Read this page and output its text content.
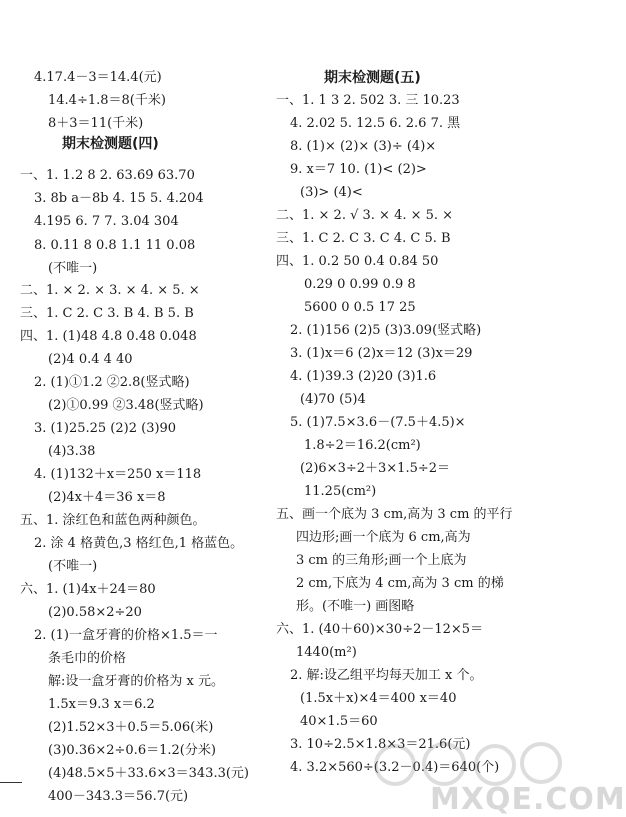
4.17.4－3＝14.4(元)
14.4÷1.8＝8(千米)
8＋3＝11(千米)
期末检测题(四)
一、1. 1.2 8 2. 63.6̇9̇ 63.70
3. 8b a－8b 4. 15 5. 4.204
4.195 6. 7 7. 3.04 304
8. 0.11 8 0.8 1.1 11 0.08
(不唯一)
二、1. × 2. × 3. × 4. × 5. ×
三、1. C 2. C 3. B 4. B 5. B
四、1. (1)48 4.8 0.48 0.048
(2)4 0.4 4 40
2. (1)①1.2 ②2.8(竖式略)
(2)①0.99 ②3.48(竖式略)
3. (1)25.25 (2)2 (3)90
(4)3.38
4. (1)132＋x＝250 x＝118
(2)4x＋4＝36 x＝8
五、1. 涂红色和蓝色两种颜色。
2. 涂 4 格黄色,3 格红色,1 格蓝色。
(不唯一)
六、1. (1)4x＋24＝80
(2)0.58×2÷20
2. (1)一盒牙膏的价格×1.5＝一
条毛巾的价格
解:设一盒牙膏的价格为 x 元。
1.5x＝9.3 x＝6.2
(2)1.52×3＋0.5＝5.06(米)
(3)0.36×2÷0.6＝1.2(分米)
(4)48.5×5＋33.6×3＝343.3(元)
400－343.3＝56.7(元)
期末检测题(五)
一、1. 1 3 2. 502 3. 三 10.23
4. 2.02 5. 12.5 6. 2.6 7. 黑
8. (1)× (2)× (3)÷ (4)×
9. x＝7 10. (1)< (2)>
(3)> (4)<
二、1. × 2. √ 3. × 4. × 5. ×
三、1. C 2. C 3. C 4. C 5. B
四、1. 0.2 50 0.4 0.84 50
0.29 0 0.99 0.9 8
5600 0 0.5 17 25
2. (1)156 (2)5 (3)3.09(竖式略)
3. (1)x＝6 (2)x＝12 (3)x＝29
4. (1)39.3 (2)20 (3)1.6
(4)70 (5)4
5. (1)7.5×3.6－(7.5＋4.5)×
1.8÷2＝16.2(cm²)
(2)6×3÷2＋3×1.5÷2＝
11.25(cm²)
五、画一个底为 3 cm,高为 3 cm 的平行
四边形;画一个底为 6 cm,高为
3 cm 的三角形;画一个上底为
2 cm,下底为 4 cm,高为 3 cm 的梯
形。(不唯一) 画图略
六、1. (40＋60)×30÷2－12×5＝
1440(m²)
2. 解:设乙组平均每天加工 x 个。
(1.5x＋x)×4＝400 x＝40
40×1.5＝60
3. 10÷2.5×1.8×3＝21.6(元)
4. 3.2×560÷(3.2－0.4)＝640(个)
MXQE.COM
